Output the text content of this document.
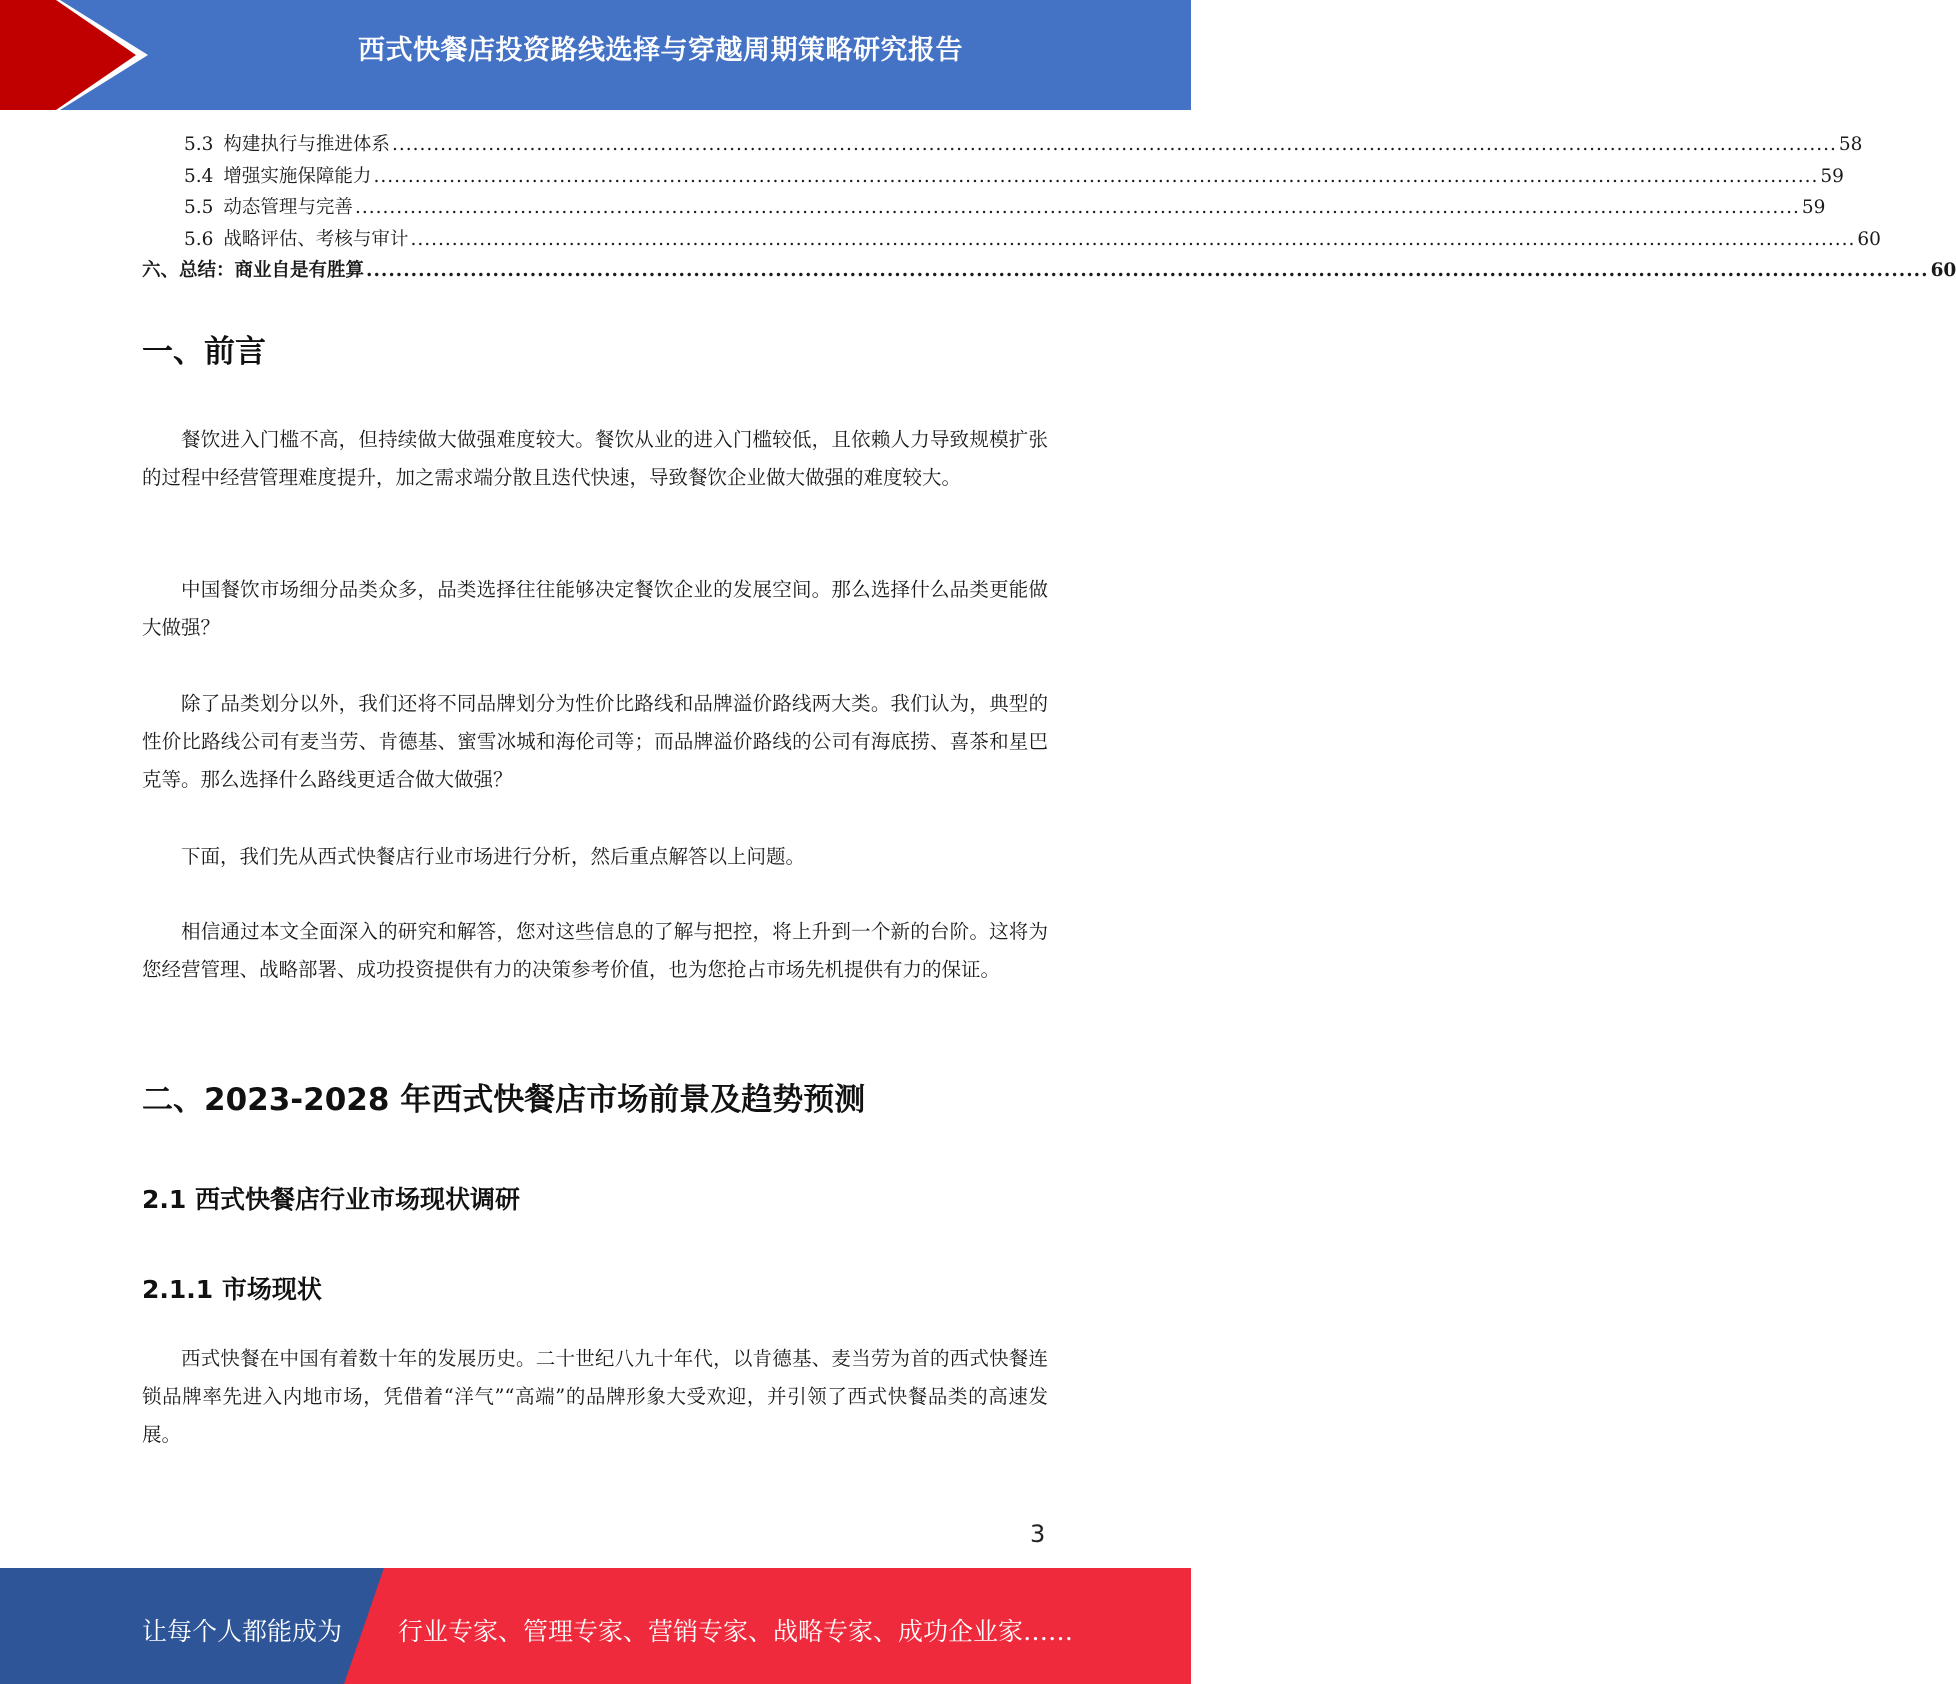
西式快餐店投资路线选择与穿越周期策略研究报告
5.3 构建执行与推进体系 .................................................................................................................................................................................................................. 58
5.4 增强实施保障能力 .................................................................................................................................................................................................................. 59
5.5 动态管理与完善 .................................................................................................................................................................................................................. 59
5.6 战略评估、考核与审计 .................................................................................................................................................................................................................. 60
六、总结：商业自是有胜算 .................................................................................................................................................................................................................. 60
一、前言

餐饮进入门槛不高，但持续做大做强难度较大。餐饮从业的进入门槛较低，且依赖人力导致规模扩张的过程中经营管理难度提升，加之需求端分散且迭代快速，导致餐饮企业做大做强的难度较大。

中国餐饮市场细分品类众多，品类选择往往能够决定餐饮企业的发展空间。那么选择什么品类更能做大做强？

除了品类划分以外，我们还将不同品牌划分为性价比路线和品牌溢价路线两大类。我们认为，典型的性价比路线公司有麦当劳、肯德基、蜜雪冰城和海伦司等；而品牌溢价路线的公司有海底捞、喜茶和星巴克等。那么选择什么路线更适合做大做强？

下面，我们先从西式快餐店行业市场进行分析，然后重点解答以上问题。

相信通过本文全面深入的研究和解答，您对这些信息的了解与把控，将上升到一个新的台阶。这将为您经营管理、战略部署、成功投资提供有力的决策参考价值，也为您抢占市场先机提供有力的保证。

二、2023-2028 年西式快餐店市场前景及趋势预测
2.1 西式快餐店行业市场现状调研
2.1.1 市场现状

西式快餐在中国有着数十年的发展历史。二十世纪八九十年代，以肯德基、麦当劳为首的西式快餐连锁品牌率先进入内地市场，凭借着“洋气”“高端”的品牌形象大受欢迎，并引领了西式快餐品类的高速发展。

3
让每个人都能成为 行业专家、管理专家、营销专家、战略专家、成功企业家……
